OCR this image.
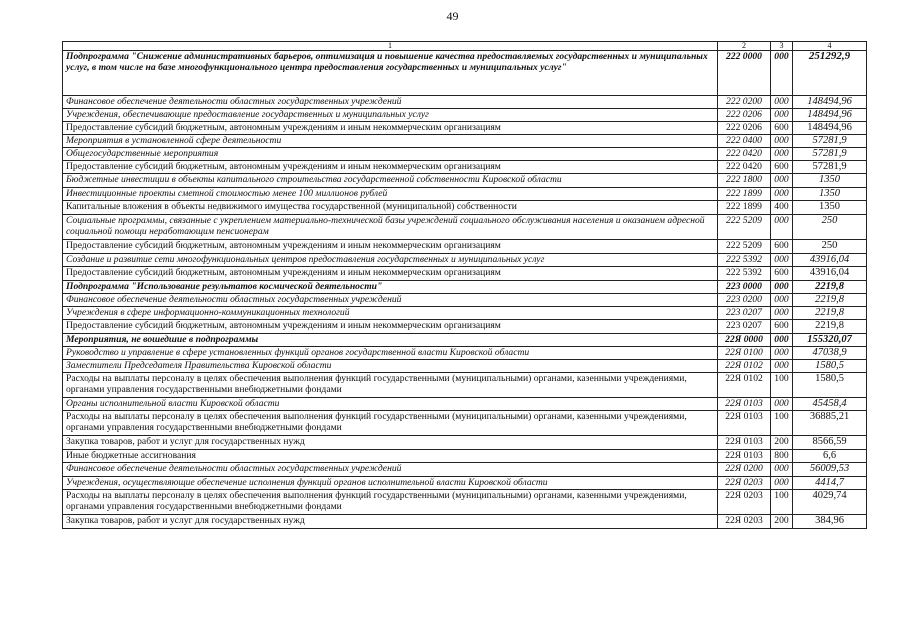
49
1	2	3	4
Подпрограмма "Снижение административных барьеров, оптимизация и повышение качества предоставляемых государственных и муниципальных услуг, в том числе на базе многофункционального центра предоставления государственных и муниципальных услуг"	222 0000	000	251292,9
Финансовое обеспечение деятельности областных государственных учреждений	222 0200	000	148494,96
Учреждения, обеспечивающие предоставление государственных и муниципальных услуг	222 0206	000	148494,96
Предоставление субсидий бюджетным, автономным учреждениям и иным некоммерческим организациям	222 0206	600	148494,96
Мероприятия в установленной сфере деятельности	222 0400	000	57281,9
Общегосударственные мероприятия	222 0420	000	57281,9
Предоставление субсидий бюджетным, автономным учреждениям и иным некоммерческим организациям	222 0420	600	57281,9
Бюджетные инвестиции в объекты капитального строительства государственной собственности Кировской области	222 1800	000	1350
Инвестиционные проекты сметной стоимостью менее 100 миллионов рублей	222 1899	000	1350
Капитальные вложения в объекты недвижимого имущества государственной (муниципальной) собственности	222 1899	400	1350
Социальные программы, связанные с укреплением материально-технической базы учреждений социального обслуживания населения и оказанием адресной социальной помощи неработающим пенсионерам	222 5209	000	250
Предоставление субсидий бюджетным, автономным учреждениям и иным некоммерческим организациям	222 5209	600	250
Создание и развитие сети многофункциональных центров предоставления государственных и муниципальных услуг	222 5392	000	43916,04
Предоставление субсидий бюджетным, автономным учреждениям и иным некоммерческим организациям	222 5392	600	43916,04
Подпрограмма "Использование результатов космической деятельности"	223 0000	000	2219,8
Финансовое обеспечение деятельности областных государственных учреждений	223 0200	000	2219,8
Учреждения в сфере информационно-коммуникационных технологий	223 0207	000	2219,8
Предоставление субсидий бюджетным, автономным учреждениям и иным некоммерческим организациям	223 0207	600	2219,8
Мероприятия, не вошедшие в подпрограммы	22Я 0000	000	155320,07
Руководство и управление в сфере установленных функций органов государственной власти Кировской области	22Я 0100	000	47038,9
Заместители Председателя Правительства Кировской области	22Я 0102	000	1580,5
Расходы на выплаты персоналу в целях обеспечения выполнения функций государственными (муниципальными) органами, казенными учреждениями, органами управления государственными внебюджетными фондами	22Я 0102	100	1580,5
Органы исполнительной власти Кировской области	22Я 0103	000	45458,4
Расходы на выплаты персоналу в целях обеспечения выполнения функций государственными (муниципальными) органами, казенными учреждениями, органами управления государственными внебюджетными фондами	22Я 0103	100	36885,21
Закупка товаров, работ и услуг для государственных нужд	22Я 0103	200	8566,59
Иные бюджетные ассигнования	22Я 0103	800	6,6
Финансовое обеспечение деятельности областных государственных учреждений	22Я 0200	000	56009,53
Учреждения, осуществляющие обеспечение исполнения функций органов исполнительной власти Кировской области	22Я 0203	000	4414,7
Расходы на выплаты персоналу в целях обеспечения выполнения функций государственными (муниципальными) органами, казенными учреждениями, органами управления государственными внебюджетными фондами	22Я 0203	100	4029,74
Закупка товаров, работ и услуг для государственных нужд	22Я 0203	200	384,96
